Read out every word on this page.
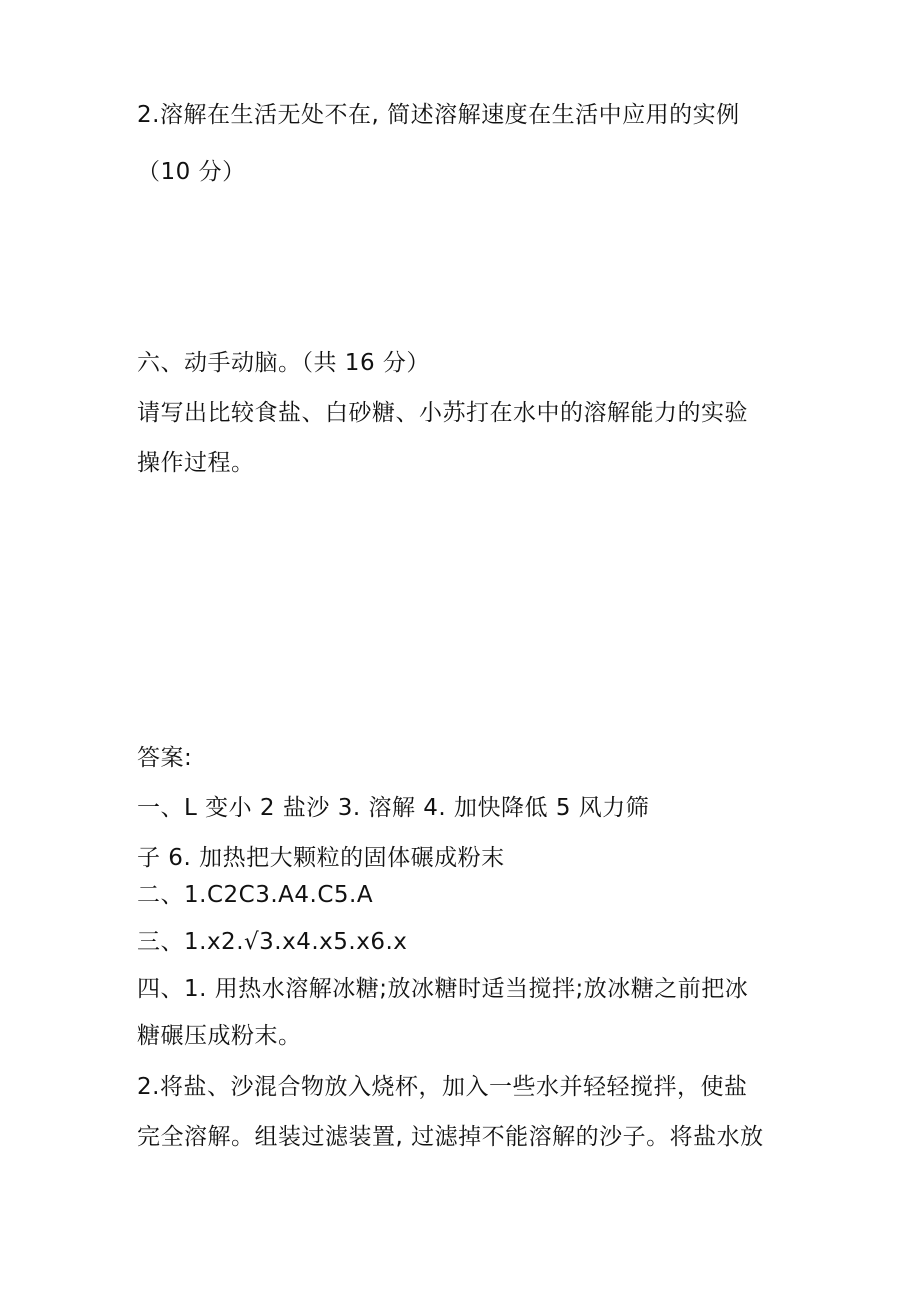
2.溶解在生活无处不在, 简述溶解速度在生活中应用的实例
（10 分）
六、动手动脑。（共 16 分）
请写出比较食盐、白砂糖、小苏打在水中的溶解能力的实验
操作过程。
答案:
一、L 变小 2 盐沙 3. 溶解 4. 加快降低 5 风力筛
子 6. 加热把大颗粒的固体碾成粉末
二、1.C2C3.A4.C5.A
三、1.x2.√3.x4.x5.x6.x
四、1. 用热水溶解冰糖;放冰糖时适当搅拌;放冰糖之前把冰
糖碾压成粉末。
2.将盐、沙混合物放入烧杯，加入一些水并轻轻搅拌，使盐
完全溶解。组装过滤装置, 过滤掉不能溶解的沙子。将盐水放
